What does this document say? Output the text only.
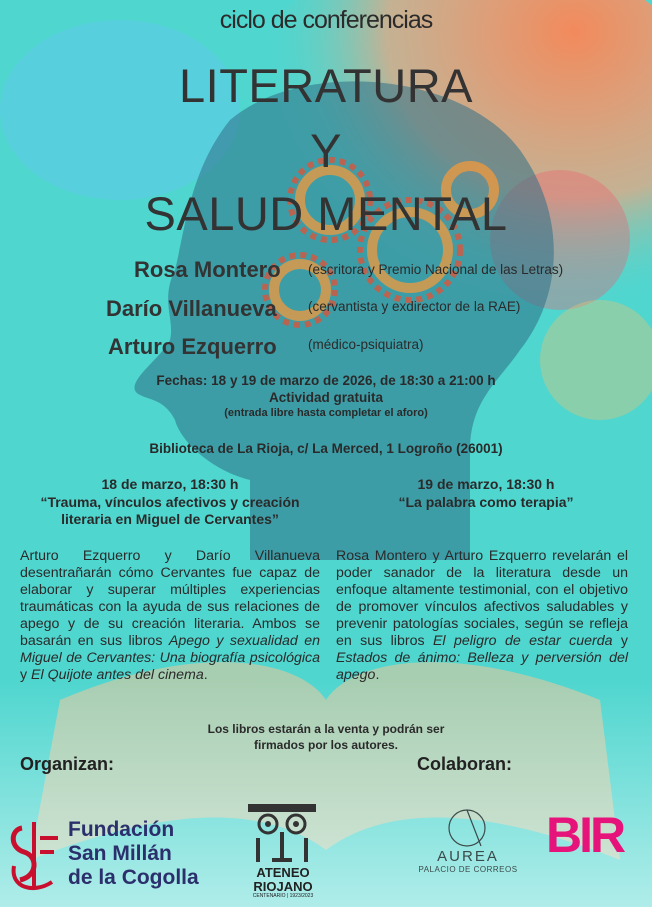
ciclo de conferencias
LITERATURA
Y
SALUD MENTAL
Rosa Montero (escritora y Premio Nacional de las Letras)
Darío Villanueva (cervantista y exdirector de la RAE)
Arturo Ezquerro (médico-psiquiatra)
Fechas: 18 y 19 de marzo de 2026, de 18:30 a 21:00 h
Actividad gratuita
(entrada libre hasta completar el aforo)
Biblioteca de La Rioja, c/ La Merced, 1 Logroño (26001)
18 de marzo, 18:30 h
“Trauma, vínculos afectivos y creación
literaria en Miguel de Cervantes”
19 de marzo, 18:30 h
“La palabra como terapia”
Arturo Ezquerro y Darío Villanueva desentrañarán cómo Cervantes fue capaz de elaborar y superar múltiples experiencias traumáticas con la ayuda de sus relaciones de apego y de su creación literaria. Ambos se basarán en sus libros Apego y sexualidad en Miguel de Cervantes: Una biografía psicológica y El Quijote antes del cinema.
Rosa Montero y Arturo Ezquerro revelarán el poder sanador de la literatura desde un enfoque altamente testimonial, con el objetivo de promover vínculos afectivos saludables y prevenir patologías sociales, según se refleja en sus libros El peligro de estar cuerda y Estados de ánimo: Belleza y perversión del apego.
Los libros estarán a la venta y podrán ser
firmados por los autores.
Organizan:	Colaboran:
Fundación
San Millán
de la Cogolla	ATENEO
RIOJANO
CENTENARIO | 1923/2023
AUREA
PALACIO DE CORREOS
BIR
